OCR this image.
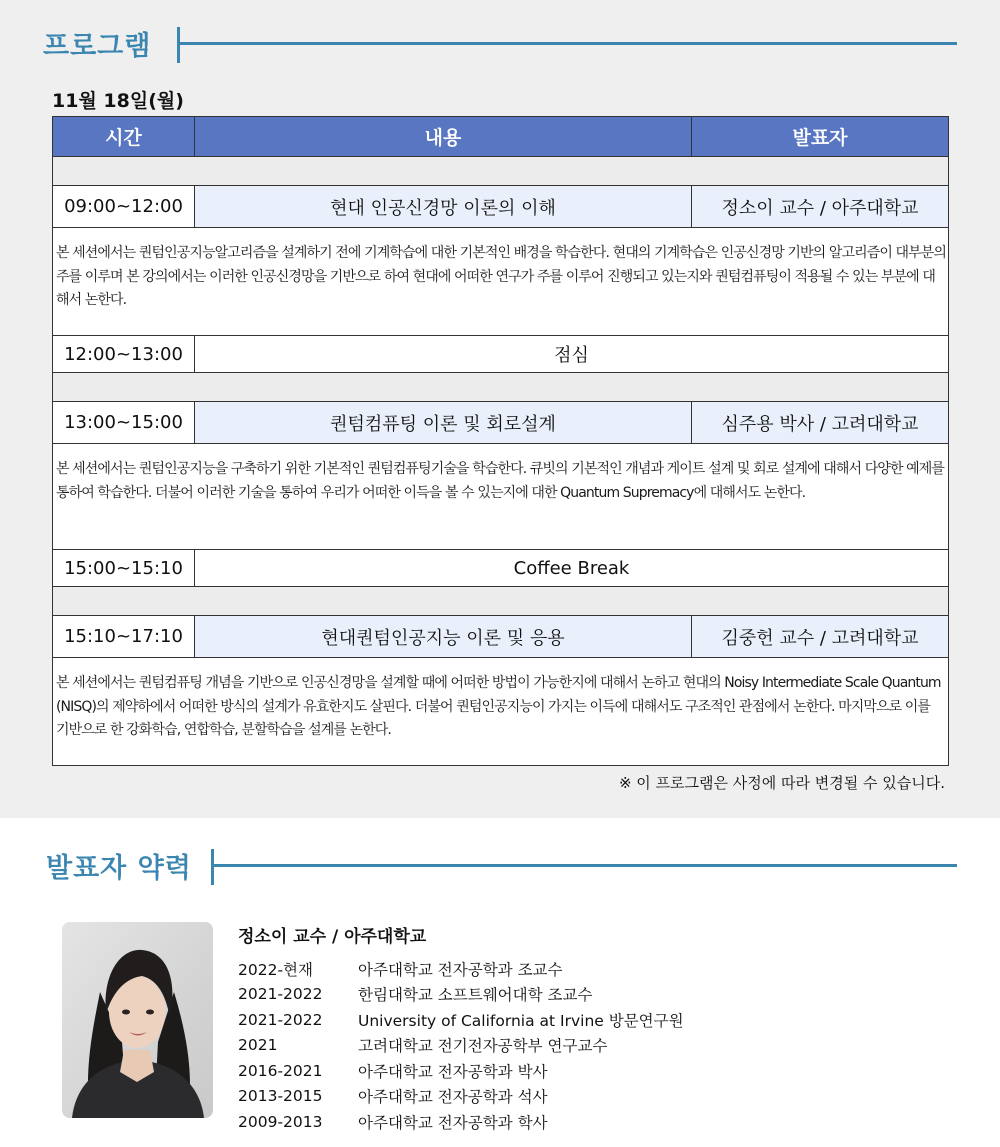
프로그램
11월 18일(월)
시간	내용	발표자
09:00~12:00	현대 인공신경망 이론의 이해	정소이 교수 / 아주대학교
본 세션에서는 퀀텀인공지능알고리즘을 설계하기 전에 기계학습에 대한 기본적인 배경을 학습한다. 현대의 기계학습은 인공신경망 기반의 알고리즘이 대부분의 주를 이루며 본 강의에서는 이러한 인공신경망을 기반으로 하여 현대에 어떠한 연구가 주를 이루어 진행되고 있는지와 퀀텀컴퓨팅이 적용될 수 있는 부분에 대해서 논한다.
12:00~13:00	점심
13:00~15:00	퀀텀컴퓨팅 이론 및 회로설계	심주용 박사 / 고려대학교
본 세션에서는 퀀텀인공지능을 구축하기 위한 기본적인 퀀텀컴퓨팅기술을 학습한다. 큐빗의 기본적인 개념과 게이트 설계 및 회로 설계에 대해서 다양한 예제를 통하여 학습한다. 더불어 이러한 기술을 통하여 우리가 어떠한 이득을 볼 수 있는지에 대한 Quantum Supremacy에 대해서도 논한다.
15:00~15:10	Coffee Break
15:10~17:10	현대퀀텀인공지능 이론 및 응용	김중헌 교수 / 고려대학교
본 세션에서는 퀀텀컴퓨팅 개념을 기반으로 인공신경망을 설계할 때에 어떠한 방법이 가능한지에 대해서 논하고 현대의 Noisy Intermediate Scale Quantum (NISQ)의 제약하에서 어떠한 방식의 설계가 유효한지도 살핀다. 더불어 퀀텀인공지능이 가지는 이득에 대해서도 구조적인 관점에서 논한다. 마지막으로 이를 기반으로 한 강화학습, 연합학습, 분할학습을 설계를 논한다.
※ 이 프로그램은 사정에 따라 변경될 수 있습니다.
발표자 약력
정소이 교수 / 아주대학교
2022-현재	아주대학교 전자공학과 조교수
2021-2022	한림대학교 소프트웨어대학 조교수
2021-2022	University of California at Irvine 방문연구원
2021	고려대학교 전기전자공학부 연구교수
2016-2021	아주대학교 전자공학과 박사
2013-2015	아주대학교 전자공학과 석사
2009-2013	아주대학교 전자공학과 학사
